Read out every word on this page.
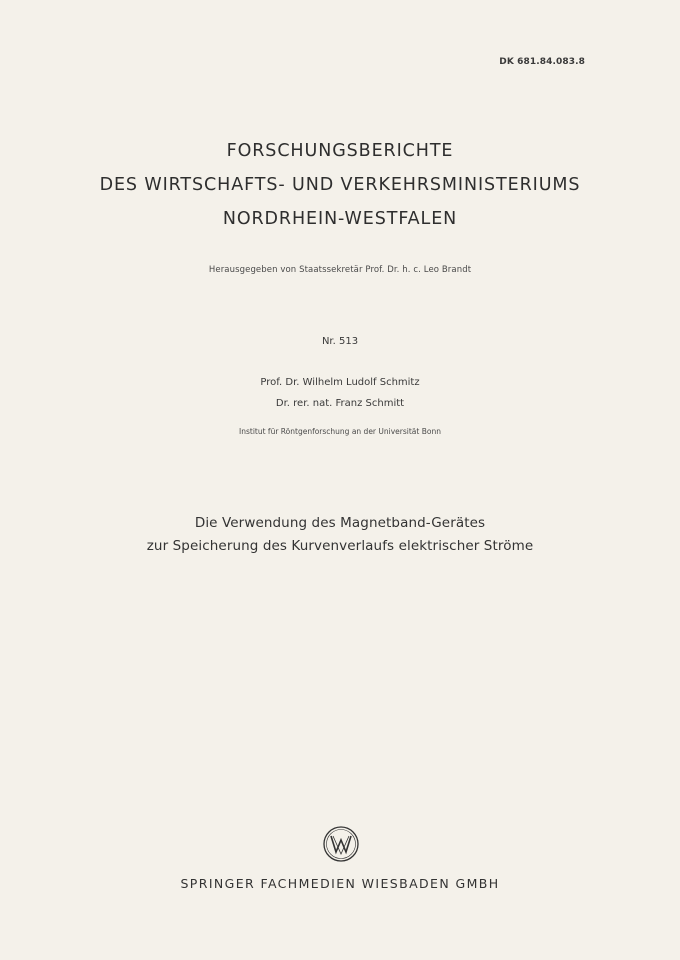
DK 681.84.083.8
FORSCHUNGSBERICHTE
DES WIRTSCHAFTS- UND VERKEHRSMINISTERIUMS
NORDRHEIN-WESTFALEN
Herausgegeben von Staatssekretär Prof. Dr. h. c. Leo Brandt
Nr. 513
Prof. Dr. Wilhelm Ludolf Schmitz
Dr. rer. nat. Franz Schmitt
Institut für Röntgenforschung an der Universität Bonn
Die Verwendung des Magnetband-Gerätes
zur Speicherung des Kurvenverlaufs elektrischer Ströme
SPRINGER FACHMEDIEN WIESBADEN GMBH
